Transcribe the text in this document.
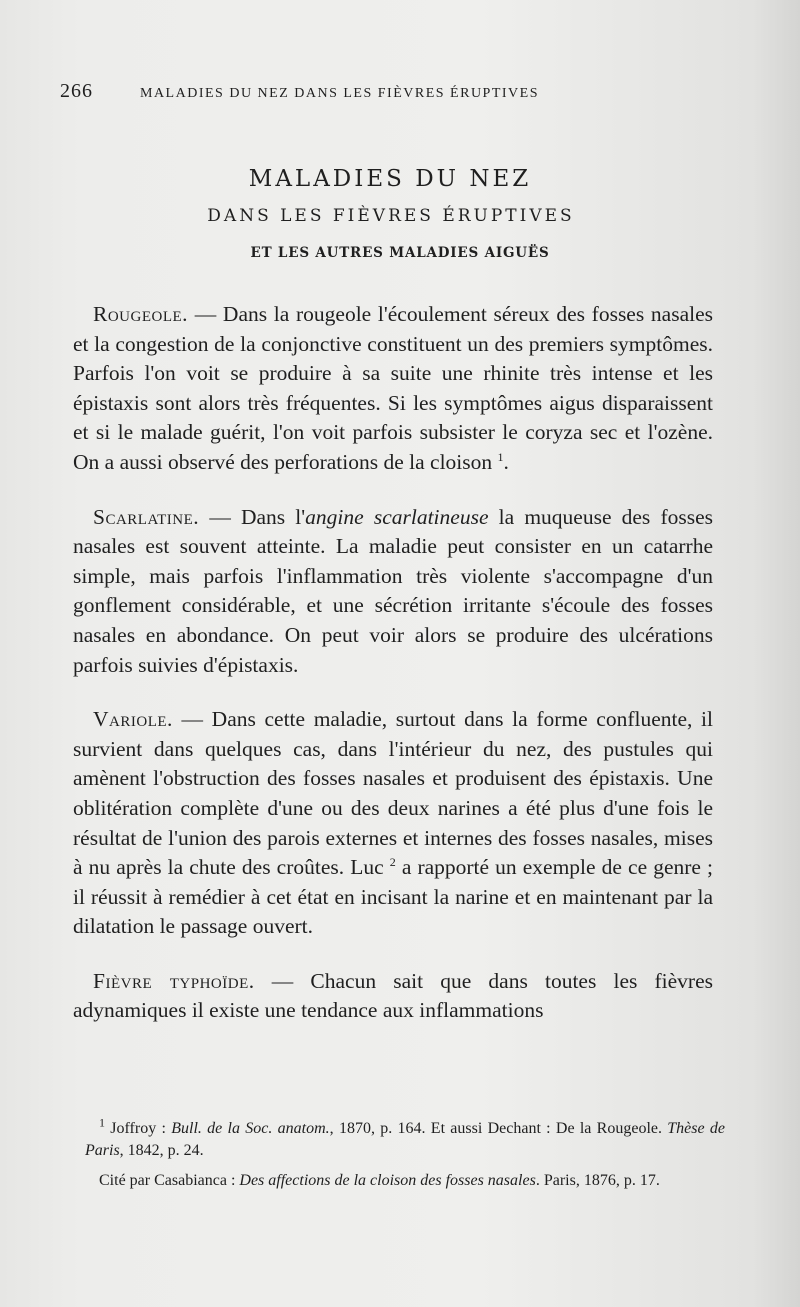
266	MALADIES DU NEZ DANS LES FIÈVRES ÉRUPTIVES
MALADIES DU NEZ
DANS LES FIÈVRES ÉRUPTIVES
ET LES AUTRES MALADIES AIGUËS

Rougeole. — Dans la rougeole l'écoulement séreux des fosses nasales et la congestion de la conjonctive constituent un des premiers symptômes. Parfois l'on voit se produire à sa suite une rhinite très intense et les épistaxis sont alors très fréquentes. Si les symptômes aigus disparaissent et si le malade guérit, l'on voit parfois subsister le coryza sec et l'ozène. On a aussi observé des perforations de la cloison $^1$.

Scarlatine. — Dans l'angine scarlatineuse la muqueuse des fosses nasales est souvent atteinte. La maladie peut consister en un catarrhe simple, mais parfois l'inflammation très violente s'accompagne d'un gonflement considérable, et une sécrétion irritante s'écoule des fosses nasales en abondance. On peut voir alors se produire des ulcérations parfois suivies d'épistaxis.

Variole. — Dans cette maladie, surtout dans la forme confluente, il survient dans quelques cas, dans l'intérieur du nez, des pustules qui amènent l'obstruction des fosses nasales et produisent des épistaxis. Une oblitération complète d'une ou des deux narines a été plus d'une fois le résultat de l'union des parois externes et internes des fosses nasales, mises à nu après la chute des croûtes. Luc $^2$ a rapporté un exemple de ce genre ; il réussit à remédier à cet état en incisant la narine et en maintenant par la dilatation le passage ouvert.

Fièvre typhoïde. — Chacun sait que dans toutes les fièvres adynamiques il existe une tendance aux inflammations

$^1$ Joffroy : Bull. de la Soc. anatom., 1870, p. 164. Et aussi Dechant : De la Rougeole. Thèse de Paris, 1842, p. 24.

Cité par Casabianca : Des affections de la cloison des fosses nasales. Paris, 1876, p. 17.
